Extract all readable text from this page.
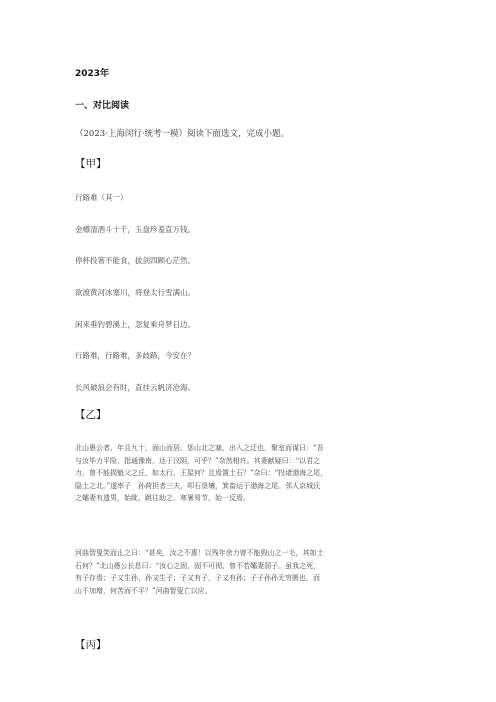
2023年

一、对比阅读

（2023·上海闵行·统考一模）阅读下面选文，完成小题。

【甲】

行路难（其一）

金樽清酒斗十千，玉盘珍羞直万钱。

停杯投箸不能食，拔剑四顾心茫然。

欲渡黄河冰塞川，将登太行雪满山。

闲来垂钓碧溪上，忽复乘舟梦日边。

行路难，行路难，多歧路，今安在？

长风破浪会有时，直挂云帆济沧海。

【乙】

北山愚公者，年且九十，面山而居。惩山北之塞，出入之迂也，聚室而谋曰：“吾
与汝毕力平险，指通豫南，达于汉阴，可乎？”杂然相许。其妻献疑曰：“以君之
力，曾不能损魁父之丘，如太行、王屋何？且焉置土石？”杂曰：“投诸渤海之尾，
隐土之北。”遂率子　孙荷担者三夫，叩石垦壤，箕畚运于渤海之尾。邻人京城氏
之孀妻有遗男，始龀，跳往助之。寒暑易节，始一反焉。
河曲智叟笑而止之曰：“甚矣，汝之不惠！以残年余力曾不能毁山之一毛，其如土
石何？”北山愚公长息曰：“汝心之固，固不可彻，曾不若孀妻弱子。虽我之死，
有子存焉；子又生孙，孙又生子；子又有子，子又有孙；子子孙孙无穷匮也，而
山不加增，何苦而不平？”河曲智叟亡以应。

【丙】
